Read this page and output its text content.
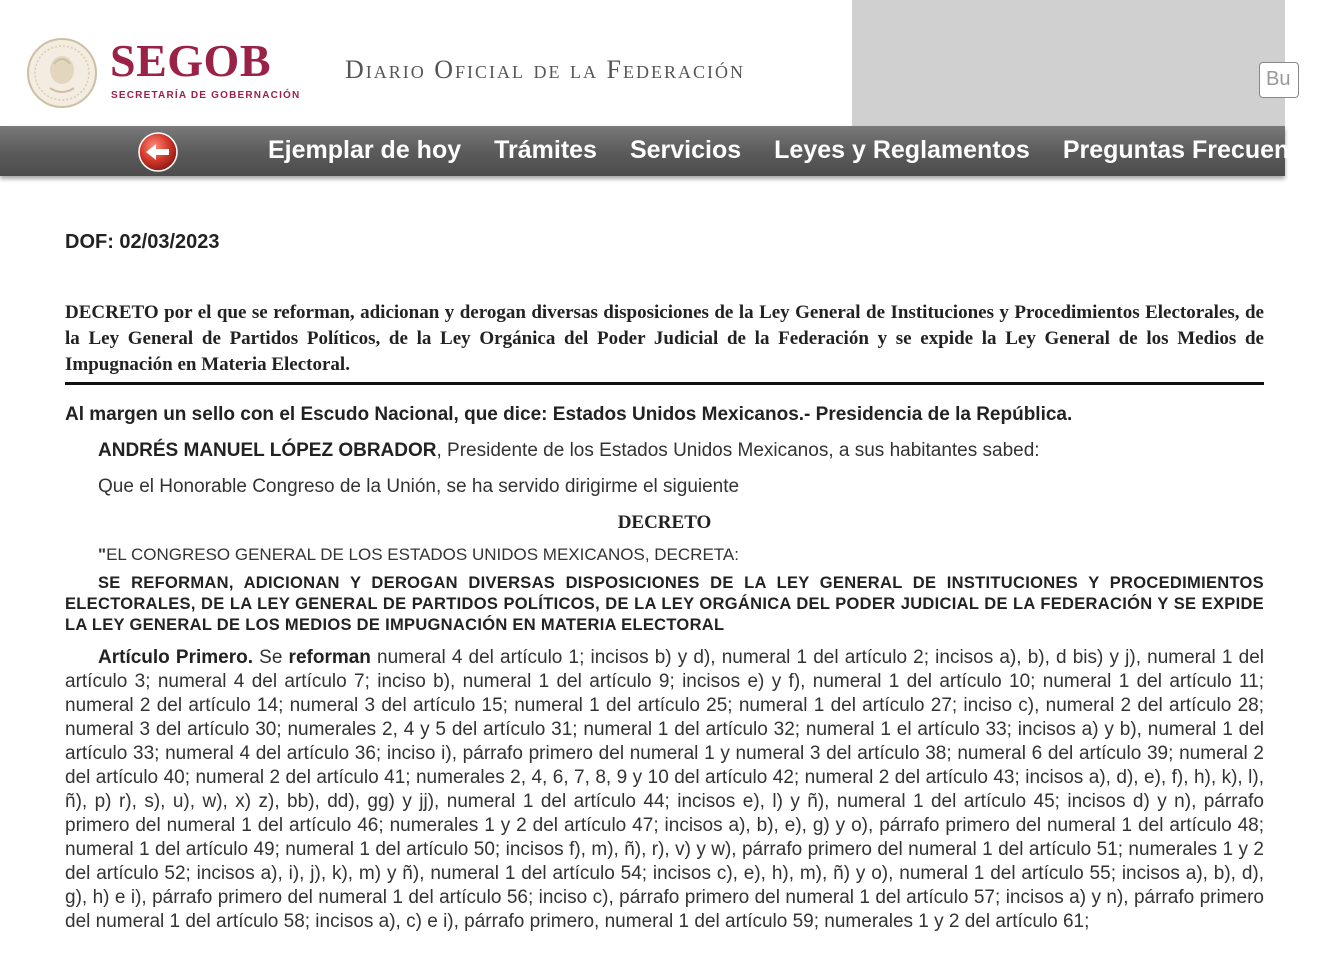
SEGOB
SECRETARÍA DE GOBERNACIÓN
Diario Oficial de la Federación	Bu
Ejemplar de hoy Trámites Servicios Leyes y Reglamentos Preguntas Frecuent
DOF: 02/03/2023
DECRETO por el que se reforman, adicionan y derogan diversas disposiciones de la Ley General de Instituciones y Procedimientos Electorales, de la Ley General de Partidos Políticos, de la Ley Orgánica del Poder Judicial de la Federación y se expide la Ley General de los Medios de Impugnación en Materia Electoral.
Al margen un sello con el Escudo Nacional, que dice: Estados Unidos Mexicanos.- Presidencia de la República.
ANDRÉS MANUEL LÓPEZ OBRADOR, Presidente de los Estados Unidos Mexicanos, a sus habitantes sabed:
Que el Honorable Congreso de la Unión, se ha servido dirigirme el siguiente
DECRETO
"EL CONGRESO GENERAL DE LOS ESTADOS UNIDOS MEXICANOS, DECRETA:
SE REFORMAN, ADICIONAN Y DEROGAN DIVERSAS DISPOSICIONES DE LA LEY GENERAL DE INSTITUCIONES Y PROCEDIMIENTOS ELECTORALES, DE LA LEY GENERAL DE PARTIDOS POLÍTICOS, DE LA LEY ORGÁNICA DEL PODER JUDICIAL DE LA FEDERACIÓN Y SE EXPIDE LA LEY GENERAL DE LOS MEDIOS DE IMPUGNACIÓN EN MATERIA ELECTORAL
Artículo Primero. Se reforman numeral 4 del artículo 1; incisos b) y d), numeral 1 del artículo 2; incisos a), b), d bis) y j), numeral 1 del artículo 3; numeral 4 del artículo 7; inciso b), numeral 1 del artículo 9; incisos e) y f), numeral 1 del artículo 10; numeral 1 del artículo 11; numeral 2 del artículo 14; numeral 3 del artículo 15; numeral 1 del artículo 25; numeral 1 del artículo 27; inciso c), numeral 2 del artículo 28; numeral 3 del artículo 30; numerales 2, 4 y 5 del artículo 31; numeral 1 del artículo 32; numeral 1 el artículo 33; incisos a) y b), numeral 1 del artículo 33; numeral 4 del artículo 36; inciso i), párrafo primero del numeral 1 y numeral 3 del artículo 38; numeral 6 del artículo 39; numeral 2 del artículo 40; numeral 2 del artículo 41; numerales 2, 4, 6, 7, 8, 9 y 10 del artículo 42; numeral 2 del artículo 43; incisos a), d), e), f), h), k), l), ñ), p) r), s), u), w), x) z), bb), dd), gg) y jj), numeral 1 del artículo 44; incisos e), l) y ñ), numeral 1 del artículo 45; incisos d) y n), párrafo primero del numeral 1 del artículo 46; numerales 1 y 2 del artículo 47; incisos a), b), e), g) y o), párrafo primero del numeral 1 del artículo 48; numeral 1 del artículo 49; numeral 1 del artículo 50; incisos f), m), ñ), r), v) y w), párrafo primero del numeral 1 del artículo 51; numerales 1 y 2 del artículo 52; incisos a), i), j), k), m) y ñ), numeral 1 del artículo 54; incisos c), e), h), m), ñ) y o), numeral 1 del artículo 55; incisos a), b), d), g), h) e i), párrafo primero del numeral 1 del artículo 56; inciso c), párrafo primero del numeral 1 del artículo 57; incisos a) y n), párrafo primero del numeral 1 del artículo 58; incisos a), c) e i), párrafo primero, numeral 1 del artículo 59; numerales 1 y 2 del artículo 61;
